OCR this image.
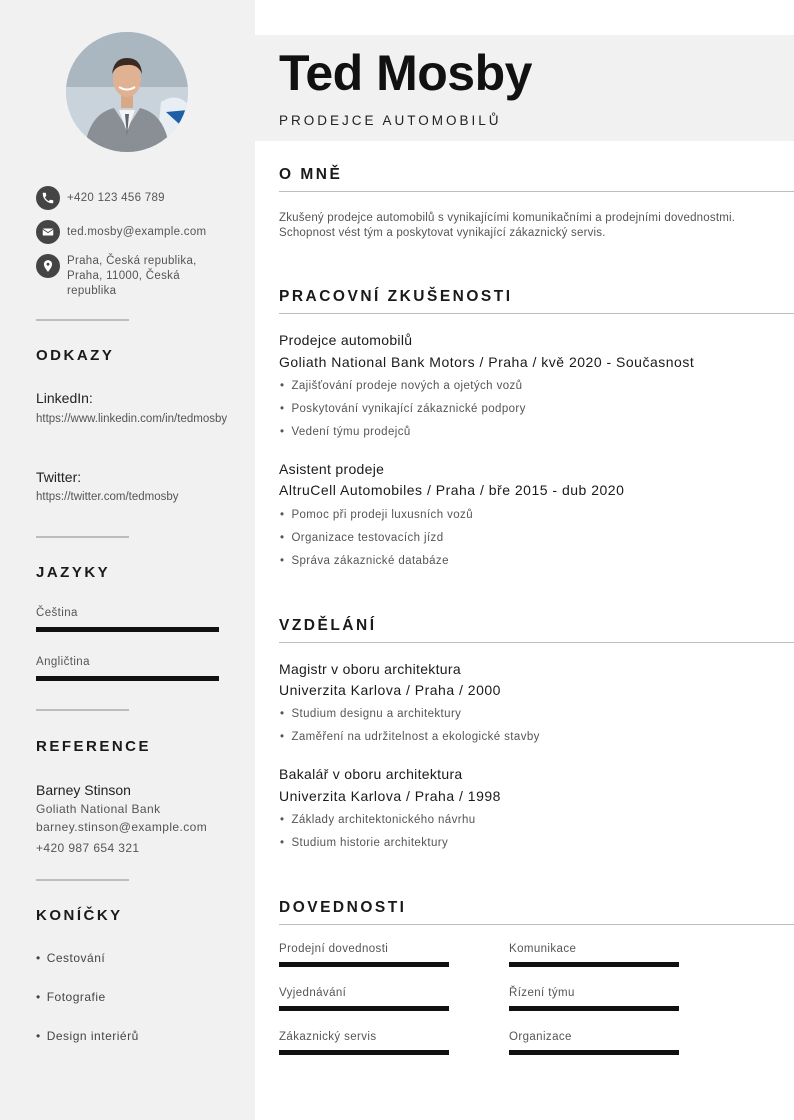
+420 123 456 789
ted.mosby@example.com
Praha, Česká republika, Praha, 11000, Česká republika
ODKAZY
LinkedIn:
https://www.linkedin.com/in/tedmosby
Twitter:
https://twitter.com/tedmosby
JAZYKY
Čeština
Angličtina
REFERENCE
Barney Stinson
Goliath National Bank
barney.stinson@example.com
+420 987 654 321
KONÍČKY
• Cestování
• Fotografie
• Design interiérů
Ted Mosby
PRODEJCE AUTOMOBILŮ
O MNĚ
Zkušený prodejce automobilů s vynikajícími komunikačními a prodejními dovednostmi. Schopnost vést tým a poskytovat vynikající zákaznický servis.
PRACOVNÍ ZKUŠENOSTI
Prodejce automobilů
Goliath National Bank Motors / Praha / kvě 2020 - Současnost
• Zajišťování prodeje nových a ojetých vozů
• Poskytování vynikající zákaznické podpory
• Vedení týmu prodejců
Asistent prodeje
AltruCell Automobiles / Praha / bře 2015 - dub 2020
• Pomoc při prodeji luxusních vozů
• Organizace testovacích jízd
• Správa zákaznické databáze
VZDĚLÁNÍ
Magistr v oboru architektura
Univerzita Karlova / Praha / 2000
• Studium designu a architektury
• Zaměření na udržitelnost a ekologické stavby
Bakalář v oboru architektura
Univerzita Karlova / Praha / 1998
• Základy architektonického návrhu
• Studium historie architektury
DOVEDNOSTI
Prodejní dovednosti	Komunikace
Vyjednávání	Řízení týmu
Zákaznický servis	Organizace
